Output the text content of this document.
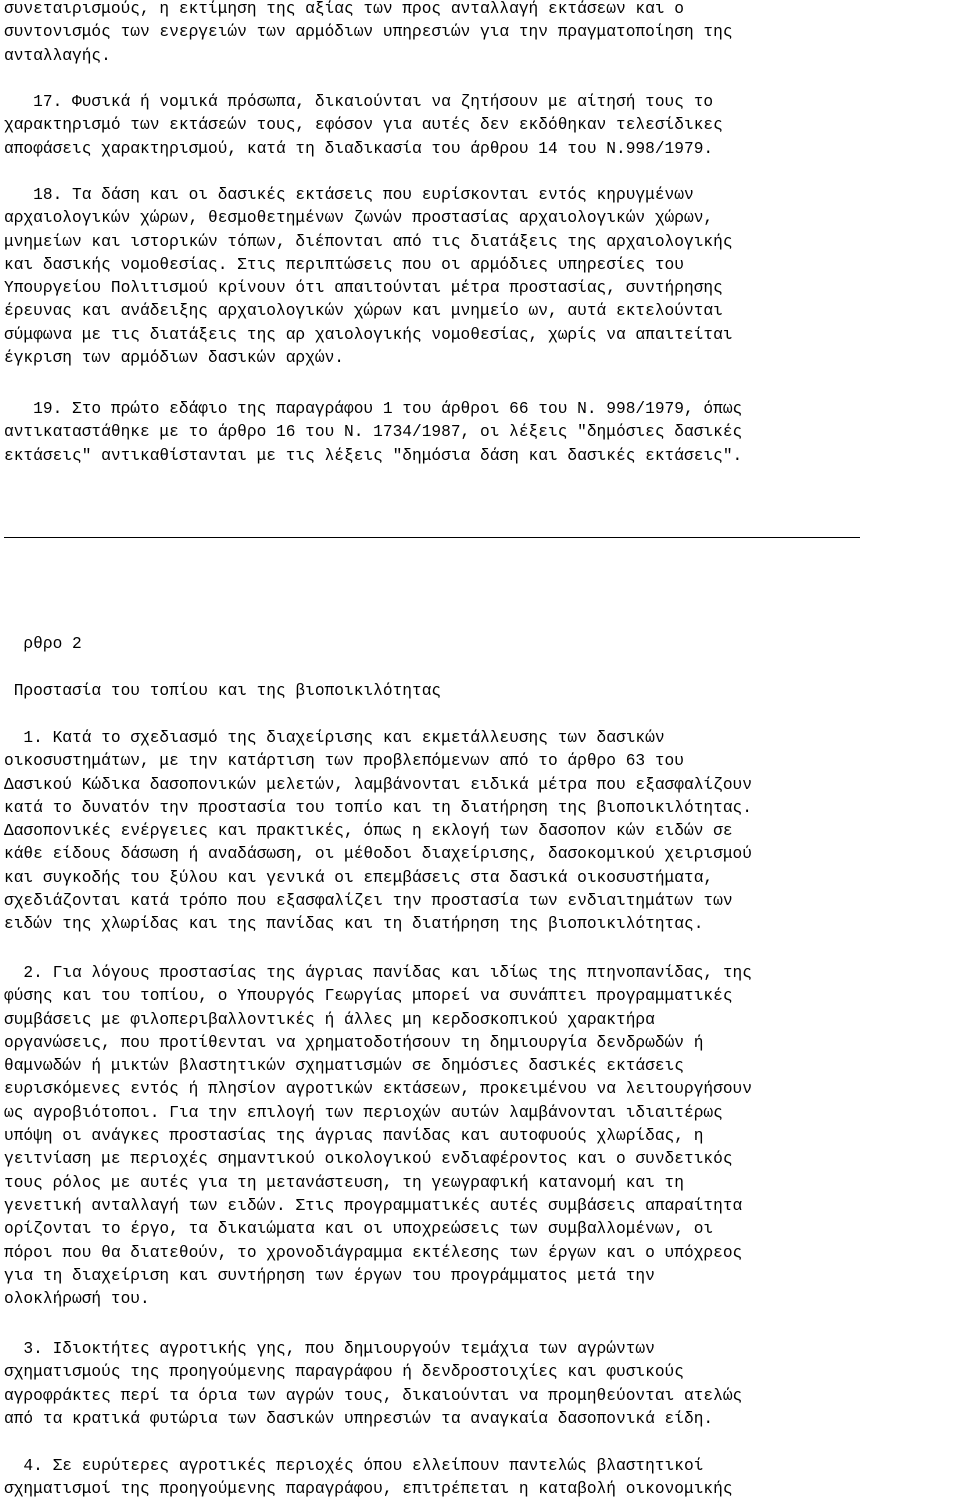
συνεταιρισμούς, η εκτίμηση της αξίας των προς ανταλλαγή εκτάσεων και ο
συντονισμός των ενεργειών των αρμόδιων υπηρεσιών για την πραγματοποίηση της
ανταλλαγής.

17. Φυσικά ή νομικά πρόσωπα, δικαιούνται να ζητήσουν με αίτησή τους το
χαρακτηρισμό των εκτάσεών τους, εφόσον για αυτές δεν εκδόθηκαν τελεσίδικες
αποφάσεις χαρακτηρισμού, κατά τη διαδικασία του άρθρου 14 του Ν.998/1979.

18. Τα δάση και οι δασικές εκτάσεις που ευρίσκονται εντός κηρυγμένων
αρχαιολογικών χώρων, θεσμοθετημένων ζωνών προστασίας αρχαιολογικών χώρων,
μνημείων και ιστορικών τόπων, διέπονται από τις διατάξεις της αρχαιολογικής
και δασικής νομοθεσίας. Στις περιπτώσεις που οι αρμόδιες υπηρεσίες του
Υπουργείου Πολιτισμού κρίνουν ότι απαιτούνται μέτρα προστασίας, συντήρησης
έρευνας και ανάδειξης αρχαιολογικών χώρων και μνημείο ων, αυτά εκτελούνται
σύμφωνα με τις διατάξεις της αρ χαιολογικής νομοθεσίας, χωρίς να απαιτείται
έγκριση των αρμόδιων δασικών αρχών.

19. Στο πρώτο εδάφιο της παραγράφου 1 του άρθροι 66 του Ν. 998/1979, όπως
αντικαταστάθηκε με το άρθρο 16 του Ν. 1734/1987, οι λέξεις "δημόσιες δασικές
εκτάσεις" αντικαθίστανται με τις λέξεις "δημόσια δάση και δασικές εκτάσεις".

ρθρο 2

Προστασία του τοπίου και της βιοποικιλότητας

1. Κατά το σχεδιασμό της διαχείρισης και εκμετάλλευσης των δασικών
οικοσυστημάτων, με την κατάρτιση των προβλεπόμενων από το άρθρο 63 του
Δασικού Κώδικα δασοπονικών μελετών, λαμβάνονται ειδικά μέτρα που εξασφαλίζουν
κατά το δυνατόν την προστασία του τοπίο και τη διατήρηση της βιοποικιλότητας.
Δασοπονικές ενέργειες και πρακτικές, όπως η εκλογή των δασοπον κών ειδών σε
κάθε είδους δάσωση ή αναδάσωση, οι μέθοδοι διαχείρισης, δασοκομικού χειρισμού
και συγκοδής του ξύλου και γενικά οι επεμβάσεις στα δασικά οικοσυστήματα,
σχεδιάζονται κατά τρόπο που εξασφαλίζει την προστασία των ενδιαιτημάτων των
ειδών της χλωρίδας και της πανίδας και τη διατήρηση της βιοποικιλότητας.

2. Για λόγους προστασίας της άγριας πανίδας και ιδίως της πτηνοπανίδας, της
φύσης και του τοπίου, ο Υπουργός Γεωργίας μπορεί να συνάπτει προγραμματικές
συμβάσεις με φιλοπεριβαλλοντικές ή άλλες μη κερδοσκοπικού χαρακτήρα
οργανώσεις, που προτίθενται να χρηματοδοτήσουν τη δημιουργία δενδρωδών ή
θαμνωδών ή μικτών βλαστητικών σχηματισμών σε δημόσιες δασικές εκτάσεις
ευρισκόμενες εντός ή πλησίον αγροτικών εκτάσεων, προκειμένου να λειτουργήσουν
ως αγροβιότοποι. Για την επιλογή των περιοχών αυτών λαμβάνονται ιδιαιτέρως
υπόψη οι ανάγκες προστασίας της άγριας πανίδας και αυτοφυούς χλωρίδας, η
γειτνίαση με περιοχές σημαντικού οικολογικού ενδιαφέροντος και ο συνδετικός
τους ρόλος με αυτές για τη μετανάστευση, τη γεωγραφική κατανομή και τη
γενετική ανταλλαγή των ειδών. Στις προγραμματικές αυτές συμβάσεις απαραίτητα
ορίζονται το έργο, τα δικαιώματα και οι υποχρεώσεις των συμβαλλομένων, οι
πόροι που θα διατεθούν, το χρονοδιάγραμμα εκτέλεσης των έργων και ο υπόχρεος
για τη διαχείριση και συντήρηση των έργων του προγράμματος μετά την
ολοκλήρωσή του.

3. Ιδιοκτήτες αγροτικής γης, που δημιουργούν τεμάχια των αγρώντων
σχηματισμούς της προηγούμενης παραγράφου ή δενδροστοιχίες και φυσικούς
αγροφράκτες περί τα όρια των αγρών τους, δικαιούνται να προμηθεύονται ατελώς
από τα κρατικά φυτώρια των δασικών υπηρεσιών τα αναγκαία δασοπονικά είδη.

4. Σε ευρύτερες αγροτικές περιοχές όπου ελλείπουν παντελώς βλαστητικοί
σχηματισμοί της προηγούμενης παραγράφου, επιτρέπεται η καταβολή οικονομικής
